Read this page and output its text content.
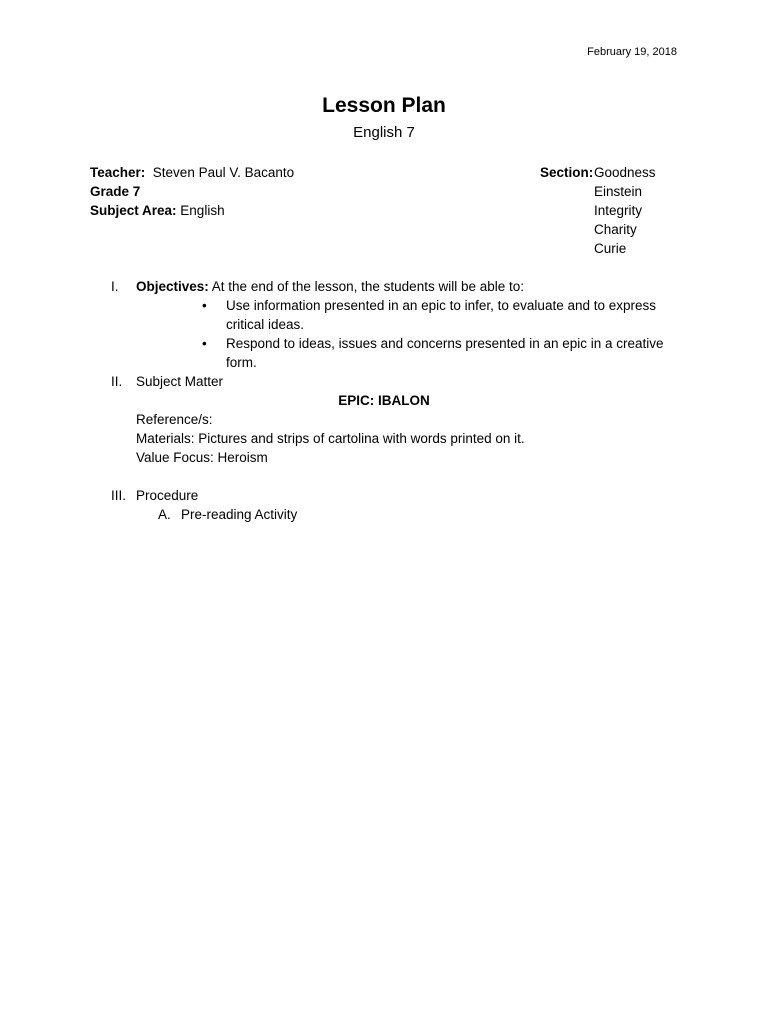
February 19, 2018
Lesson Plan
English 7
Teacher: Steven Paul V. Bacanto
Grade 7
Subject Area: English
Section:Goodness
Einstein
Integrity
Charity
Curie
I.	Objectives: At the end of the lesson, the students will be able to:
• Use information presented in an epic to infer, to evaluate and to express critical ideas.
• Respond to ideas, issues and concerns presented in an epic in a creative form.
II.	Subject Matter
EPIC: IBALON
Reference/s:
Materials: Pictures and strips of cartolina with words printed on it.
Value Focus: Heroism
III. Procedure
A. Pre-reading Activity
